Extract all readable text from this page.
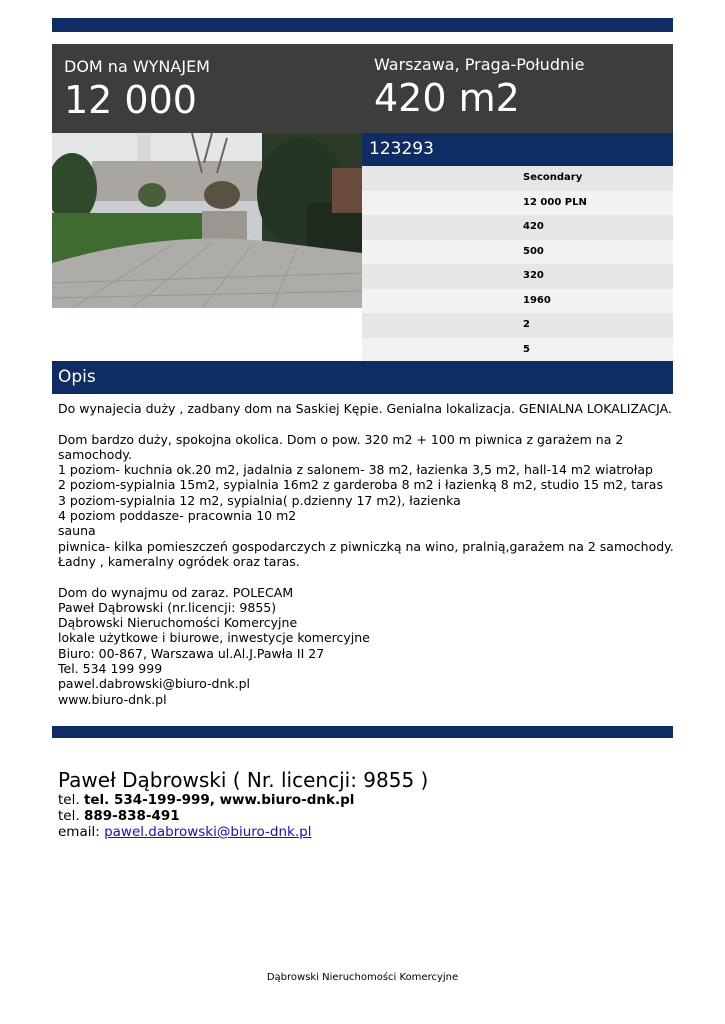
DOM na WYNAJEM
12 000
Warszawa, Praga-Południe
420 m2
123293
Secondary
12 000 PLN
420
500
320
1960
2
5
Opis

Do wynajecia duży , zadbany dom na Saskiej Kępie. Genialna lokalizacja. GENIALNA LOKALIZACJA.

Dom bardzo duży, spokojna okolica. Dom o pow. 320 m2 + 100 m piwnica z garażem na 2

samochody.

1 poziom- kuchnia ok.20 m2, jadalnia z salonem- 38 m2, łazienka 3,5 m2, hall-14 m2 wiatrołap

2 poziom-sypialnia 15m2, sypialnia 16m2 z garderoba 8 m2 i łazienką 8 m2, studio 15 m2, taras

3 poziom-sypialnia 12 m2, sypialnia( p.dzienny 17 m2), łazienka

4 poziom poddasze- pracownia 10 m2

sauna

piwnica- kilka pomieszczeń gospodarczych z piwniczką na wino, pralnią,garażem na 2 samochody.

Ładny , kameralny ogródek oraz taras.

Dom do wynajmu od zaraz. POLECAM

Paweł Dąbrowski (nr.licencji: 9855)

Dąbrowski Nieruchomości Komercyjne

lokale użytkowe i biurowe, inwestycje komercyjne

Biuro: 00-867, Warszawa ul.Al.J.Pawła II 27

Tel. 534 199 999

pawel.dabrowski@biuro-dnk.pl

www.biuro-dnk.pl

Paweł Dąbrowski ( Nr. licencji: 9855 )
tel. tel. 534-199-999, www.biuro-dnk.pl
tel. 889-838-491
email: pawel.dabrowski@biuro-dnk.pl
Dąbrowski Nieruchomości Komercyjne
